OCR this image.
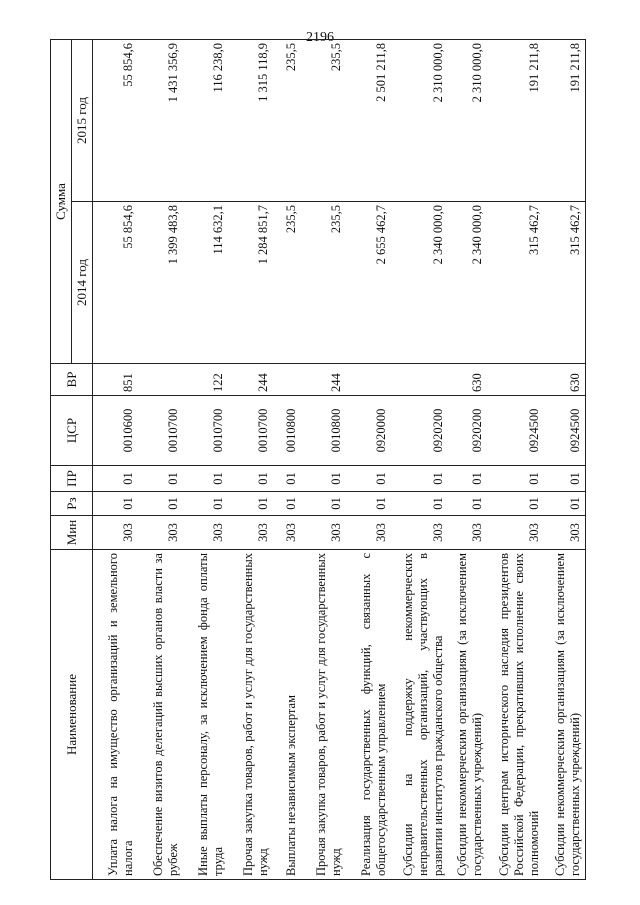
2196
Наименование	Мин	Рз	ПР	ЦСР	ВР	Сумма	
						2014 год	2015 год
Уплата налога на имущество организаций и земельного налога	303	01	01	0010600	851	55 854,6	55 854,6
Обеспечение визитов делегаций высших органов власти за рубеж	303	01	01	0010700		1 399 483,8	1 431 356,9
Иные выплаты персоналу, за исключением фонда оплаты труда	303	01	01	0010700	122	114 632,1	116 238,0
Прочая закупка товаров, работ и услуг для государственных нужд	303	01	01	0010700	244	1 284 851,7	1 315 118,9
Выплаты независимым экспертам	303	01	01	0010800		235,5	235,5
Прочая закупка товаров, работ и услуг для государственных нужд	303	01	01	0010800	244	235,5	235,5
Реализация государственных функций, связанных с общегосударственным управлением	303	01	01	0920000		2 655 462,7	2 501 211,8
Субсидии на поддержку некоммерческих неправительственных организаций, участвующих в развитии институтов гражданского общества	303	01	01	0920200		2 340 000,0	2 310 000,0
Субсидии некоммерческим организациям (за исключением государственных учреждений)	303	01	01	0920200	630	2 340 000,0	2 310 000,0
Субсидии центрам исторического наследия президентов Российской Федерации, прекративших исполнение своих полномочий	303	01	01	0924500		315 462,7	191 211,8
Субсидии некоммерческим организациям (за исключением государственных учреждений)	303	01	01	0924500	630	315 462,7	191 211,8
